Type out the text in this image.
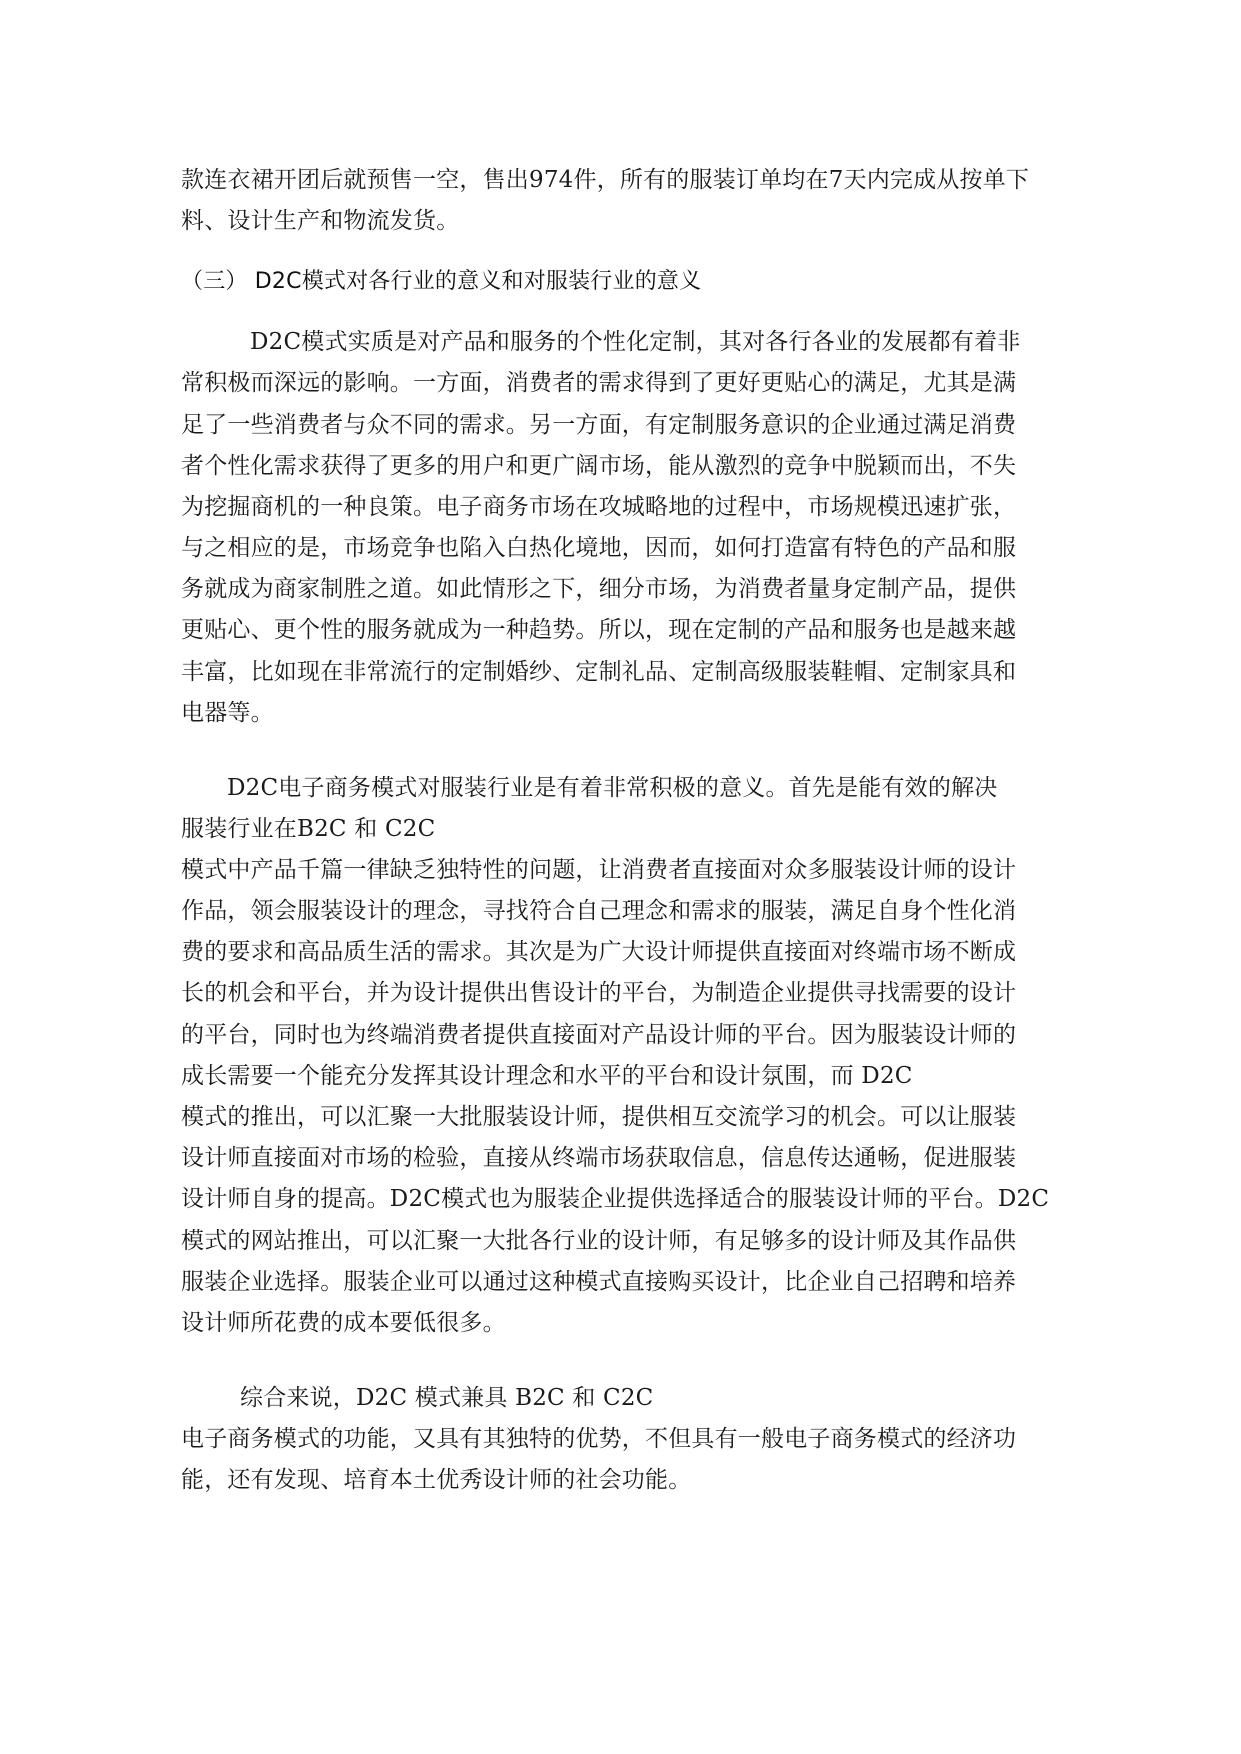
款连衣裙开团后就预售一空，售出974件，所有的服装订单均在7天内完成从按单下
料、设计生产和物流发货。
（三） D2C模式对各行业的意义和对服装行业的意义
D2C模式实质是对产品和服务的个性化定制，其对各行各业的发展都有着非
常积极而深远的影响。一方面，消费者的需求得到了更好更贴心的满足，尤其是满
足了一些消费者与众不同的需求。另一方面，有定制服务意识的企业通过满足消费
者个性化需求获得了更多的用户和更广阔市场，能从激烈的竞争中脱颖而出，不失
为挖掘商机的一种良策。电子商务市场在攻城略地的过程中，市场规模迅速扩张，
与之相应的是，市场竞争也陷入白热化境地，因而，如何打造富有特色的产品和服
务就成为商家制胜之道。如此情形之下，细分市场，为消费者量身定制产品，提供
更贴心、更个性的服务就成为一种趋势。所以，现在定制的产品和服务也是越来越
丰富，比如现在非常流行的定制婚纱、定制礼品、定制高级服装鞋帽、定制家具和
电器等。
D2C电子商务模式对服装行业是有着非常积极的意义。首先是能有效的解决
服装行业在B2C 和 C2C
模式中产品千篇一律缺乏独特性的问题，让消费者直接面对众多服装设计师的设计
作品，领会服装设计的理念，寻找符合自己理念和需求的服装，满足自身个性化消
费的要求和高品质生活的需求。其次是为广大设计师提供直接面对终端市场不断成
长的机会和平台，并为设计提供出售设计的平台，为制造企业提供寻找需要的设计
的平台，同时也为终端消费者提供直接面对产品设计师的平台。因为服装设计师的
成长需要一个能充分发挥其设计理念和水平的平台和设计氛围，而 D2C
模式的推出，可以汇聚一大批服装设计师，提供相互交流学习的机会。可以让服装
设计师直接面对市场的检验，直接从终端市场获取信息，信息传达通畅，促进服装
设计师自身的提高。D2C模式也为服装企业提供选择适合的服装设计师的平台。D2C
模式的网站推出，可以汇聚一大批各行业的设计师，有足够多的设计师及其作品供
服装企业选择。服装企业可以通过这种模式直接购买设计，比企业自己招聘和培养
设计师所花费的成本要低很多。
综合来说，D2C 模式兼具 B2C 和 C2C
电子商务模式的功能，又具有其独特的优势，不但具有一般电子商务模式的经济功
能，还有发现、培育本土优秀设计师的社会功能。
